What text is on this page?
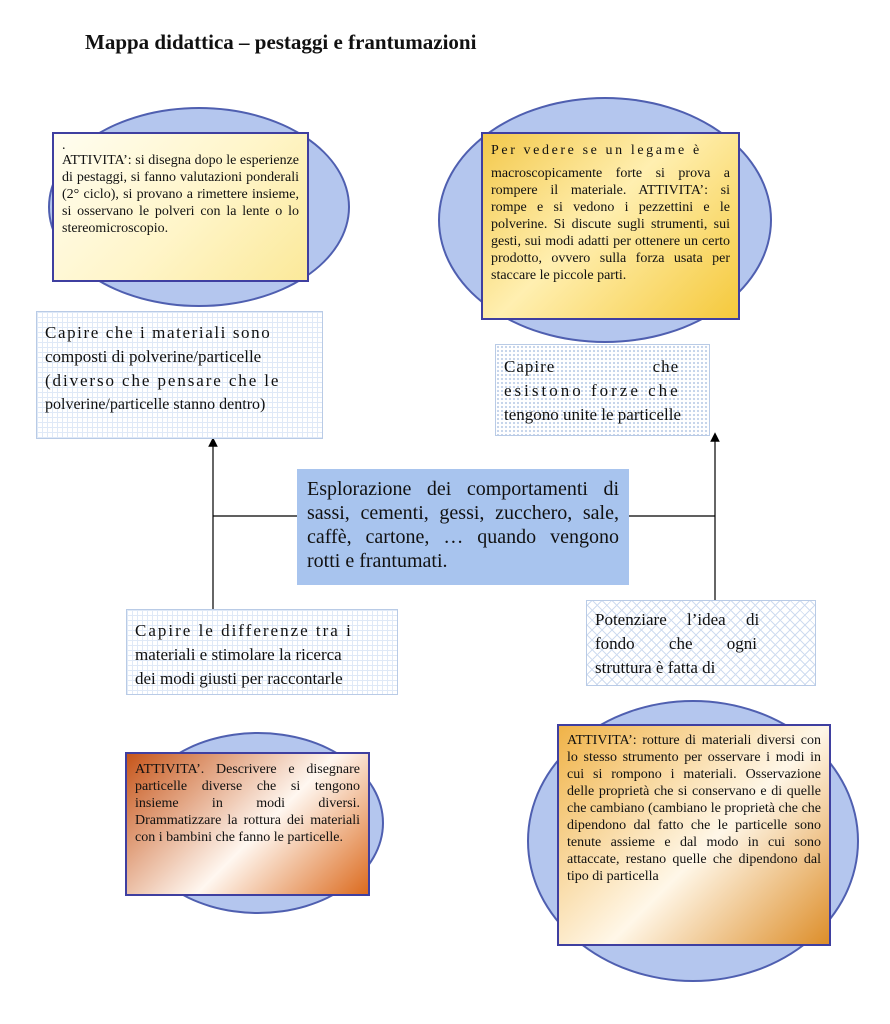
Mappa didattica – pestaggi e frantumazioni
.
ATTIVITA’: si disegna dopo le esperienze di pestaggi, si fanno valutazioni ponderali (2° ciclo), si provano a rimettere insieme, si osservano le polveri con la lente o lo stereomicroscopio.
Per vedere se un legame è
macroscopicamente forte si prova a rompere il materiale. ATTIVITA’: si rompe e si vedono i pezzettini e le polverine. Si discute sugli strumenti, sui gesti, sui modi adatti per ottenere un certo prodotto, ovvero sulla forza usata per staccare le piccole parti.
Capire che i materiali sono
composti di polverine/particelle
(diverso che pensare che le
polverine/particelle stanno dentro)
Capire che
esistono forze che
tengono unite le particelle
Esplorazione dei comportamenti di sassi, cementi, gessi, zucchero, sale, caffè, cartone, … quando vengono rotti e frantumati.
Capire le differenze tra i
materiali e stimolare la ricerca
dei modi giusti per raccontarle
Potenziare l’idea di
fondo che ogni
struttura è fatta di
ATTIVITA’. Descrivere e disegnare particelle diverse che si tengono insieme in modi diversi. Drammatizzare la rottura dei materiali con i bambini che fanno le particelle.
ATTIVITA’: rotture di materiali diversi con lo stesso strumento per osservare i modi in cui si rompono i materiali. Osservazione delle proprietà che si conservano e di quelle che cambiano (cambiano le proprietà che che dipendono dal fatto che le particelle sono tenute assieme e dal modo in cui sono attaccate, restano quelle che dipendono dal tipo di particella
